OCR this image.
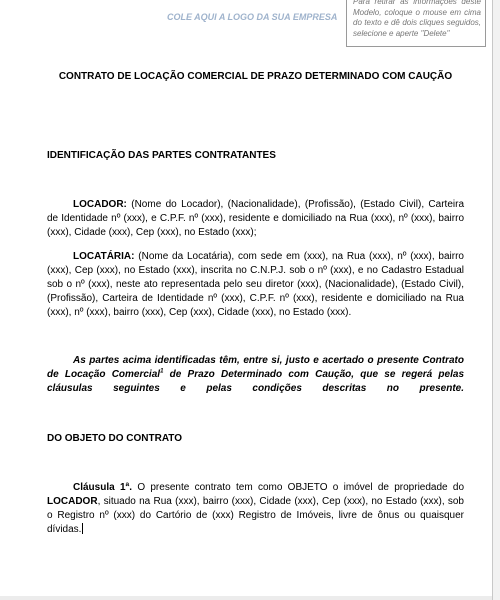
COLE AQUI A LOGO DA SUA EMPRESA
Para retirar as informações deste Modelo, coloque o mouse em cima do texto e dê dois cliques seguidos, selecione e aperte "Delete"
CONTRATO DE LOCAÇÃO COMERCIAL DE PRAZO DETERMINADO COM CAUÇÃO
IDENTIFICAÇÃO DAS PARTES CONTRATANTES
LOCADOR: (Nome do Locador), (Nacionalidade), (Profissão), (Estado Civil), Carteira de Identidade nº (xxx), e C.P.F. nº (xxx), residente e domiciliado na Rua (xxx), nº (xxx), bairro (xxx), Cidade (xxx), Cep (xxx), no Estado (xxx);
LOCATÁRIA: (Nome da Locatária), com sede em (xxx), na Rua (xxx), nº (xxx), bairro (xxx), Cep (xxx), no Estado (xxx), inscrita no C.N.P.J. sob o nº (xxx), e no Cadastro Estadual sob o nº (xxx), neste ato representada pelo seu diretor (xxx), (Nacionalidade), (Estado Civil), (Profissão), Carteira de Identidade nº (xxx), C.P.F. nº (xxx), residente e domiciliado na Rua (xxx), nº (xxx), bairro (xxx), Cep (xxx), Cidade (xxx), no Estado (xxx).
As partes acima identificadas têm, entre si, justo e acertado o presente Contrato de Locação Comercial$^1$ de Prazo Determinado com Caução, que se regerá pelas cláusulas seguintes e pelas condições descritas no presente.
DO OBJETO DO CONTRATO
Cláusula 1ª. O presente contrato tem como OBJETO o imóvel de propriedade do LOCADOR, situado na Rua (xxx), bairro (xxx), Cidade (xxx), Cep (xxx), no Estado (xxx), sob o Registro nº (xxx) do Cartório de (xxx) Registro de Imóveis, livre de ônus ou quaisquer dívidas.
